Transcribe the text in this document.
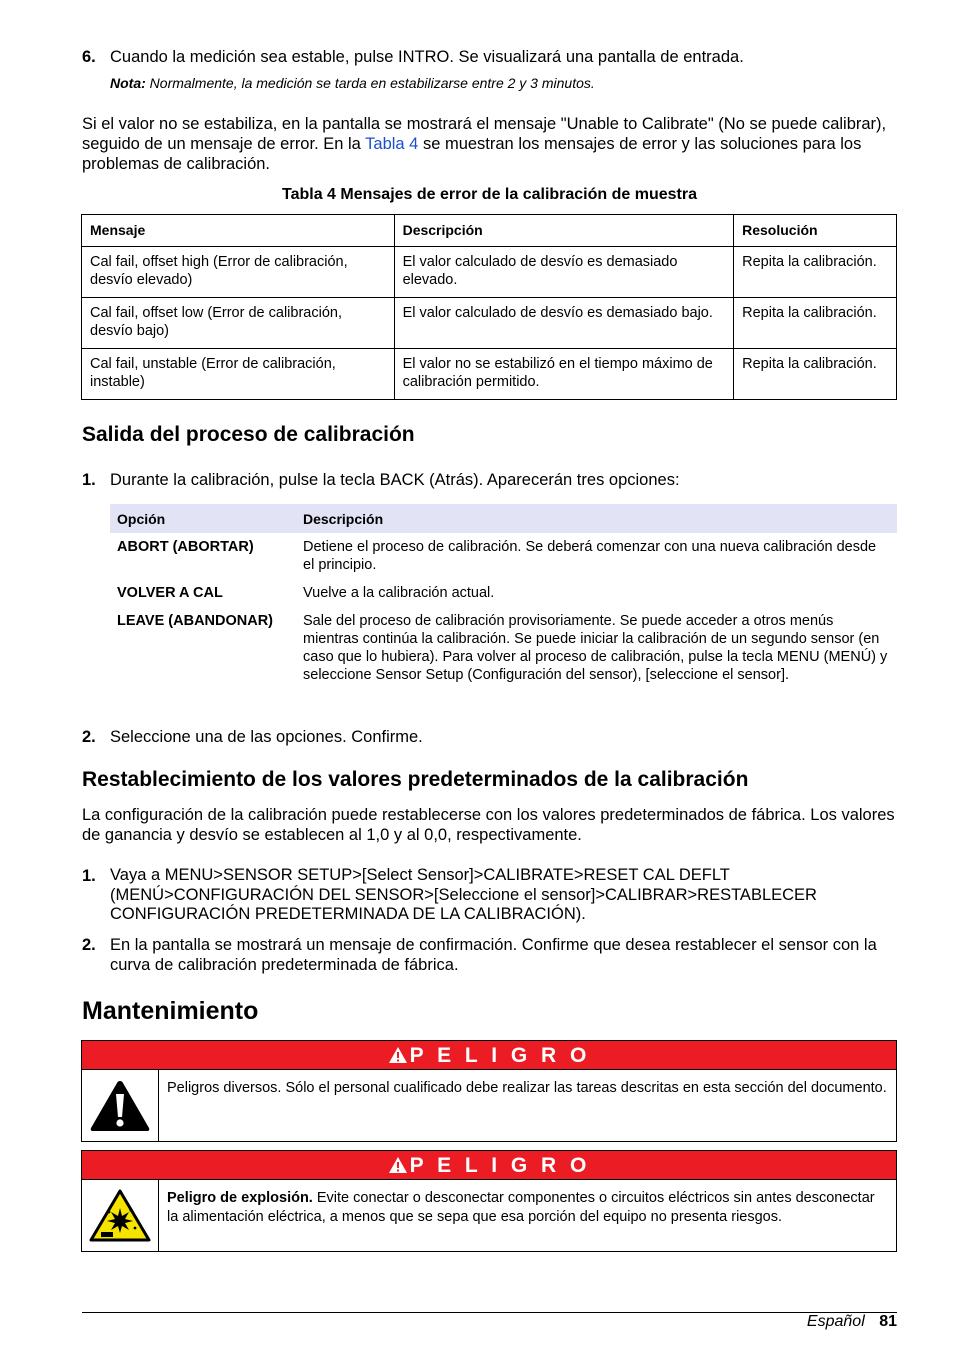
6. Cuando la medición sea estable, pulse INTRO. Se visualizará una pantalla de entrada.
Nota: Normalmente, la medición se tarda en estabilizarse entre 2 y 3 minutos.
Si el valor no se estabiliza, en la pantalla se mostrará el mensaje "Unable to Calibrate" (No se puede calibrar), seguido de un mensaje de error. En la Tabla 4 se muestran los mensajes de error y las soluciones para los problemas de calibración.
Tabla 4 Mensajes de error de la calibración de muestra
Mensaje	Descripción	Resolución
Cal fail, offset high (Error de calibración, desvío elevado)	El valor calculado de desvío es demasiado elevado.	Repita la calibración.
Cal fail, offset low (Error de calibración, desvío bajo)	El valor calculado de desvío es demasiado bajo.	Repita la calibración.
Cal fail, unstable (Error de calibración, instable)	El valor no se estabilizó en el tiempo máximo de calibración permitido.	Repita la calibración.
Salida del proceso de calibración
1. Durante la calibración, pulse la tecla BACK (Atrás). Aparecerán tres opciones:
Opción	Descripción
ABORT (ABORTAR)	Detiene el proceso de calibración. Se deberá comenzar con una nueva calibración desde el principio.
VOLVER A CAL	Vuelve a la calibración actual.
LEAVE (ABANDONAR)	Sale del proceso de calibración provisoriamente. Se puede acceder a otros menús mientras continúa la calibración. Se puede iniciar la calibración de un segundo sensor (en caso que lo hubiera). Para volver al proceso de calibración, pulse la tecla MENU (MENÚ) y seleccione Sensor Setup (Configuración del sensor), [seleccione el sensor].
2. Seleccione una de las opciones. Confirme.
Restablecimiento de los valores predeterminados de la calibración
La configuración de la calibración puede restablecerse con los valores predeterminados de fábrica. Los valores de ganancia y desvío se establecen al 1,0 y al 0,0, respectivamente.
1. Vaya a MENU>SENSOR SETUP>[Select Sensor]>CALIBRATE>RESET CAL DEFLT (MENÚ>CONFIGURACIÓN DEL SENSOR>[Seleccione el sensor]>CALIBRAR>RESTABLECER CONFIGURACIÓN PREDETERMINADA DE LA CALIBRACIÓN).
2. En la pantalla se mostrará un mensaje de confirmación. Confirme que desea restablecer el sensor con la curva de calibración predeterminada de fábrica.
Mantenimiento
P E L I G R O
Peligros diversos. Sólo el personal cualificado debe realizar las tareas descritas en esta sección del documento.
P E L I G R O
Peligro de explosión. Evite conectar o desconectar componentes o circuitos eléctricos sin antes desconectar la alimentación eléctrica, a menos que se sepa que esa porción del equipo no presenta riesgos.
Español 81
